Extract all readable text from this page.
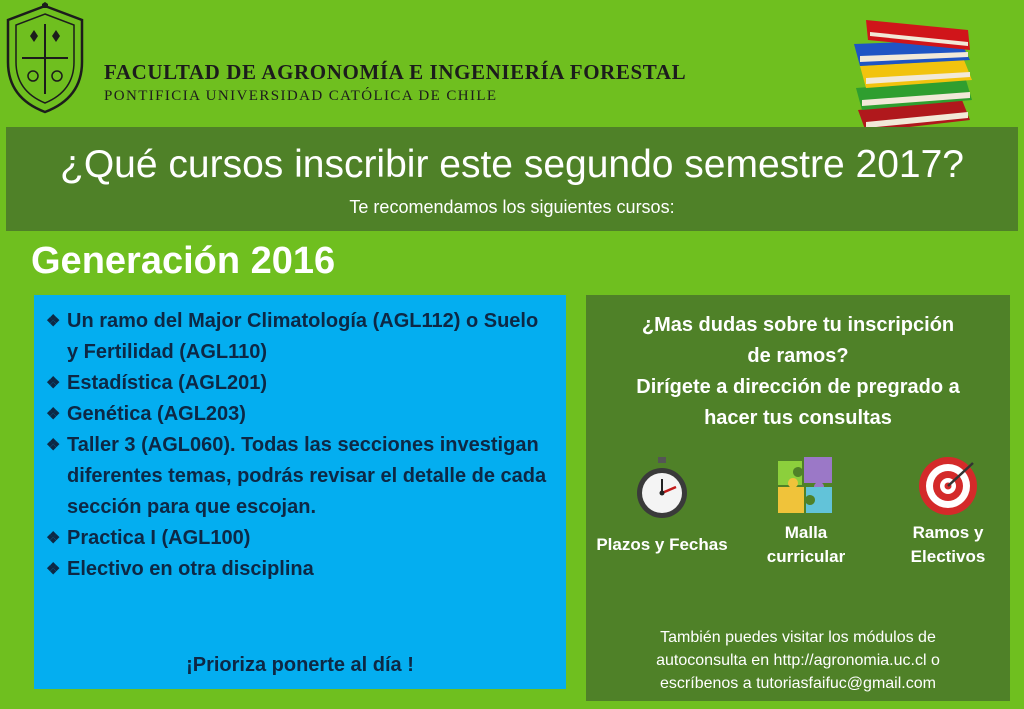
FACULTAD DE AGRONOMÍA E INGENIERÍA FORESTAL
PONTIFICIA UNIVERSIDAD CATÓLICA DE CHILE
¿Qué cursos inscribir este segundo semestre 2017?
Te recomendamos los siguientes cursos:
Generación 2016
❖ Un ramo del Major Climatología (AGL112) o Suelo y Fertilidad (AGL110)
❖ Estadística (AGL201)
❖ Genética (AGL203)
❖ Taller 3 (AGL060). Todas las secciones investigan diferentes temas, podrás revisar el detalle de cada sección para que escojan.
❖ Practica I (AGL100)
❖ Electivo en otra disciplina
¡Prioriza ponerte al día !
¿Mas dudas sobre tu inscripción
de ramos?
Dirígete a dirección de pregrado a
hacer tus consultas
Plazos y Fechas
Malla
curricular
Ramos y
Electivos
También puedes visitar los módulos de
autoconsulta en http://agronomia.uc.cl o
escríbenos a tutoriasfaifuc@gmail.com
